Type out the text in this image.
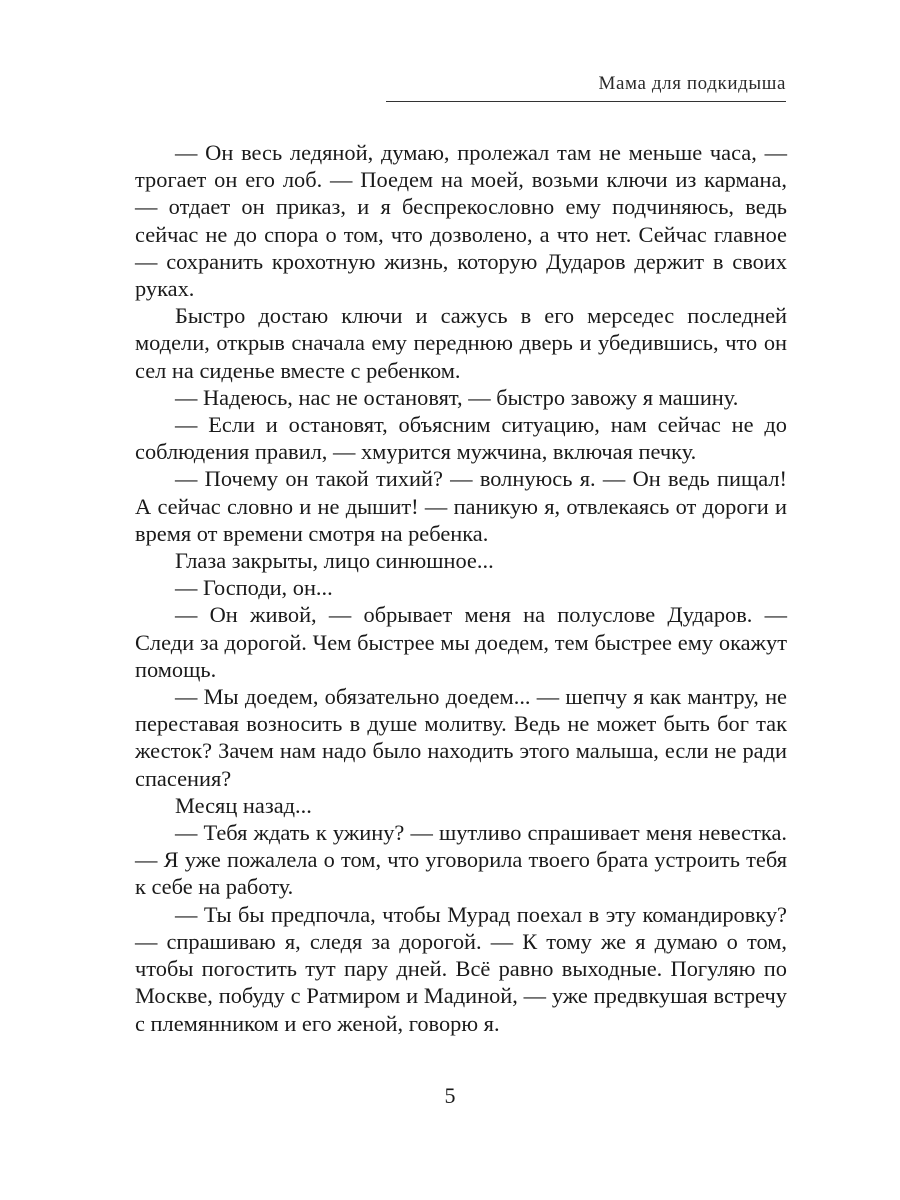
Мама для подкидыша

— Он весь ледяной, думаю, пролежал там не меньше часа, — трогает он его лоб. — Поедем на моей, возьми ключи из кармана, — отдает он приказ, и я беспрекословно ему подчиняюсь, ведь сейчас не до спора о том, что дозволено, а что нет. Сейчас главное — сохранить крохотную жизнь, которую Дударов держит в своих руках.

Быстро достаю ключи и сажусь в его мерседес последней модели, открыв сначала ему переднюю дверь и убедившись, что он сел на сиденье вместе с ребенком.

— Надеюсь, нас не остановят, — быстро завожу я машину.

— Если и остановят, объясним ситуацию, нам сейчас не до соблюдения правил, — хмурится мужчина, включая печку.

— Почему он такой тихий? — волнуюсь я. — Он ведь пищал! А сейчас словно и не дышит! — паникую я, отвлекаясь от дороги и время от времени смотря на ребенка.

Глаза закрыты, лицо синюшное...

— Господи, он...

— Он живой, — обрывает меня на полуслове Дударов. — Следи за дорогой. Чем быстрее мы доедем, тем быстрее ему окажут помощь.

— Мы доедем, обязательно доедем... — шепчу я как мантру, не переставая возносить в душе молитву. Ведь не может быть бог так жесток? Зачем нам надо было находить этого малыша, если не ради спасения?

Месяц назад...

— Тебя ждать к ужину? — шутливо спрашивает меня невестка. — Я уже пожалела о том, что уговорила твоего брата устроить тебя к себе на работу.

— Ты бы предпочла, чтобы Мурад поехал в эту командировку? — спрашиваю я, следя за дорогой. — К тому же я думаю о том, чтобы погостить тут пару дней. Всё равно выходные. Погуляю по Москве, побуду с Ратмиром и Мадиной, — уже предвкушая встречу с племянником и его женой, говорю я.

5
